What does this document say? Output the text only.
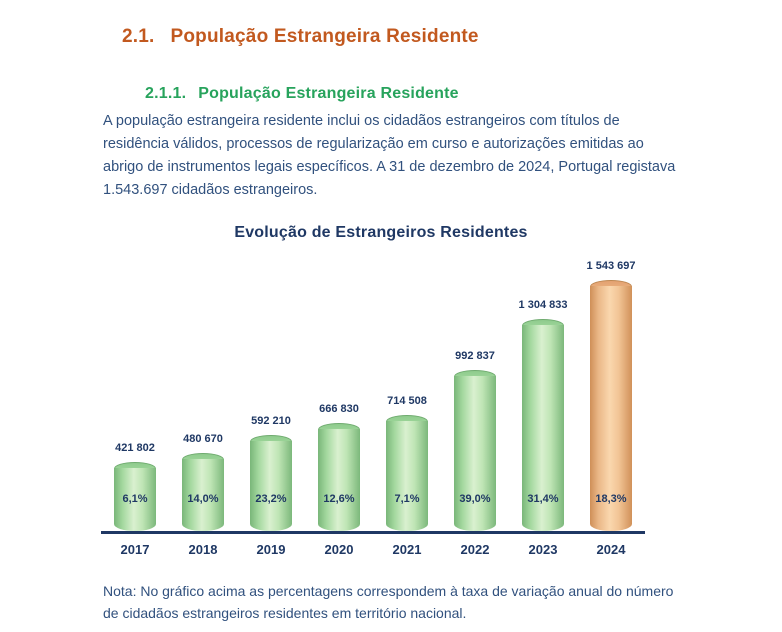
2.1. População Estrangeira Residente
2.1.1. População Estrangeira Residente
A população estrangeira residente inclui os cidadãos estrangeiros com títulos de residência válidos, processos de regularização em curso e autorizações emitidas ao abrigo de instrumentos legais específicos. A 31 de dezembro de 2024, Portugal registava 1.543.697 cidadãos estrangeiros.
Evolução de Estrangeiros Residentes
421 802
6,1%
2017
480 670
14,0%
2018
592 210
23,2%
2019
666 830
12,6%
2020
714 508
7,1%
2021
992 837
39,0%
2022
1 304 833
31,4%
2023
1 543 697
18,3%
2024
Nota: No gráfico acima as percentagens correspondem à taxa de variação anual do número de cidadãos estrangeiros residentes em território nacional.
